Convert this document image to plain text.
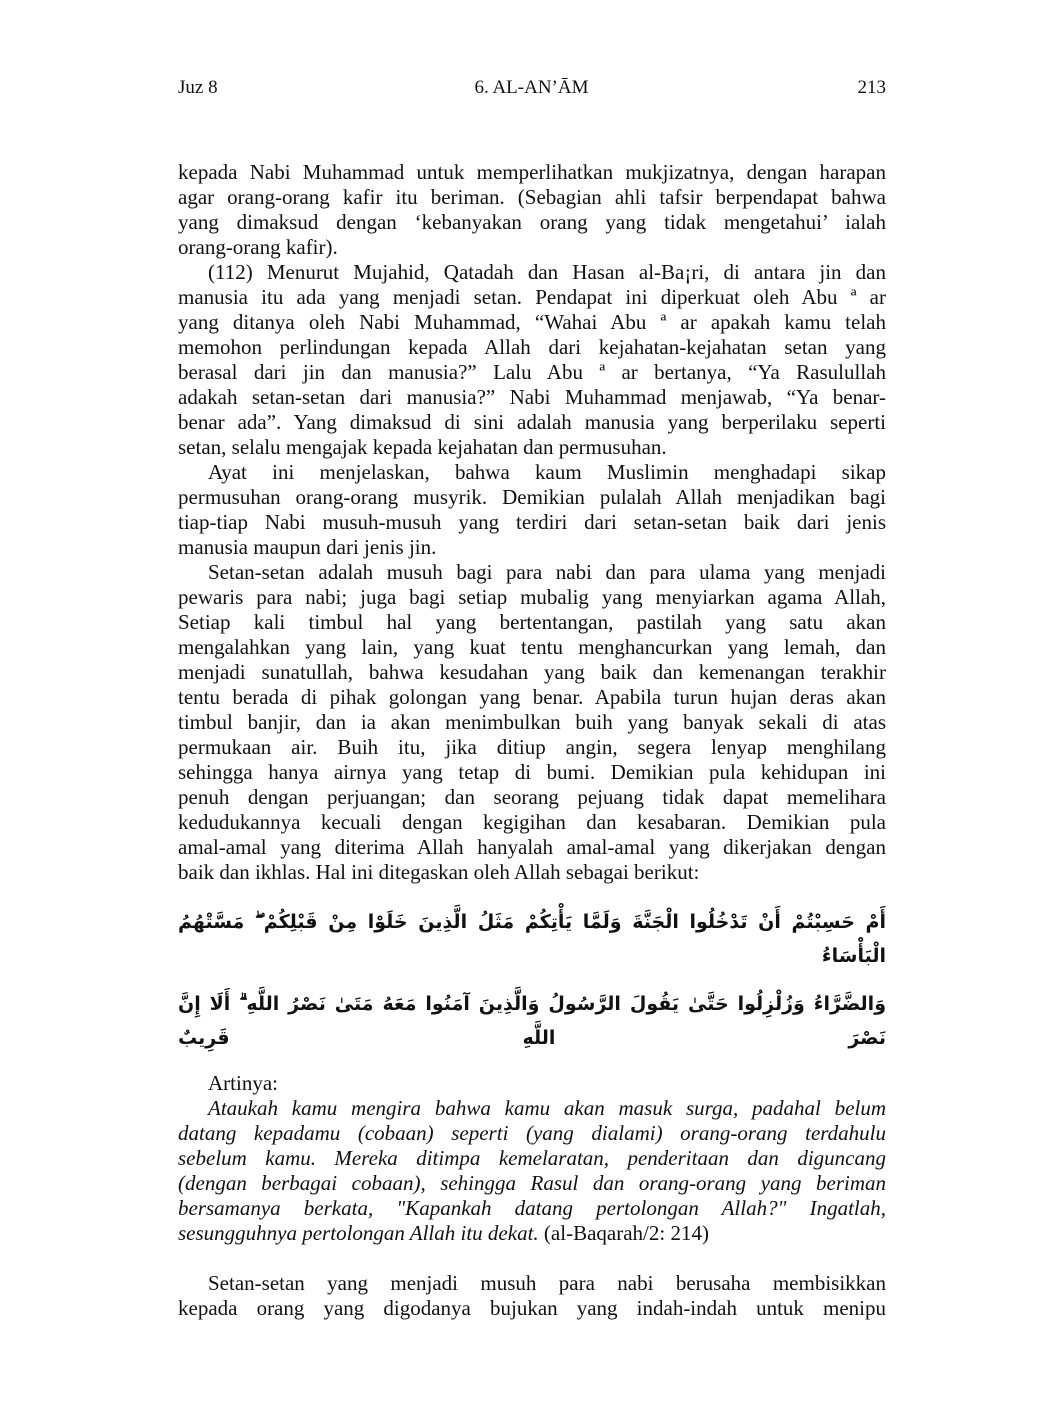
Juz 8	6. AL-AN’ĀM	213
kepada Nabi Muhammad untuk memperlihatkan mukjizatnya, dengan harapan
agar orang-orang kafir itu beriman. (Sebagian ahli tafsir berpendapat bahwa
yang dimaksud dengan ‘kebanyakan orang yang tidak mengetahui’ ialah
orang-orang kafir).
(112) Menurut Mujahid, Qatadah dan Hasan al-Ba¡ri, di antara jin dan
manusia itu ada yang menjadi setan. Pendapat ini diperkuat oleh Abu ª ar
yang ditanya oleh Nabi Muhammad, “Wahai Abu ª ar apakah kamu telah
memohon perlindungan kepada Allah dari kejahatan-kejahatan setan yang
berasal dari jin dan manusia?” Lalu Abu ª ar bertanya, “Ya Rasulullah
adakah setan-setan dari manusia?” Nabi Muhammad menjawab, “Ya benar-
benar ada”. Yang dimaksud di sini adalah manusia yang berperilaku seperti
setan, selalu mengajak kepada kejahatan dan permusuhan.
Ayat ini menjelaskan, bahwa kaum Muslimin menghadapi sikap
permusuhan orang-orang musyrik. Demikian pulalah Allah menjadikan bagi
tiap-tiap Nabi musuh-musuh yang terdiri dari setan-setan baik dari jenis
manusia maupun dari jenis jin.
Setan-setan adalah musuh bagi para nabi dan para ulama yang menjadi
pewaris para nabi; juga bagi setiap mubalig yang menyiarkan agama Allah,
Setiap kali timbul hal yang bertentangan, pastilah yang satu akan
mengalahkan yang lain, yang kuat tentu menghancurkan yang lemah, dan
menjadi sunatullah, bahwa kesudahan yang baik dan kemenangan terakhir
tentu berada di pihak golongan yang benar. Apabila turun hujan deras akan
timbul banjir, dan ia akan menimbulkan buih yang banyak sekali di atas
permukaan air. Buih itu, jika ditiup angin, segera lenyap menghilang
sehingga hanya airnya yang tetap di bumi. Demikian pula kehidupan ini
penuh dengan perjuangan; dan seorang pejuang tidak dapat memelihara
kedudukannya kecuali dengan kegigihan dan kesabaran. Demikian pula
amal-amal yang diterima Allah hanyalah amal-amal yang dikerjakan dengan
baik dan ikhlas. Hal ini ditegaskan oleh Allah sebagai berikut:
أَمْ حَسِبْتُمْ أَنْ تَدْخُلُوا الْجَنَّةَ وَلَمَّا يَأْتِكُمْ مَثَلُ الَّذِينَ خَلَوْا مِنْ قَبْلِكُمْ ۖ مَسَّتْهُمُ الْبَأْسَاءُ
وَالضَّرَّاءُ وَزُلْزِلُوا حَتَّىٰ يَقُولَ الرَّسُولُ وَالَّذِينَ آمَنُوا مَعَهُ مَتَىٰ نَصْرُ اللَّهِ ۗ أَلَا إِنَّ نَصْرَ اللَّهِ قَرِيبٌ
Artinya:
Ataukah kamu mengira bahwa kamu akan masuk surga, padahal belum
datang kepadamu (cobaan) seperti (yang dialami) orang-orang terdahulu
sebelum kamu. Mereka ditimpa kemelaratan, penderitaan dan diguncang
(dengan berbagai cobaan), sehingga Rasul dan orang-orang yang beriman
bersamanya berkata, "Kapankah datang pertolongan Allah?" Ingatlah,
sesungguhnya pertolongan Allah itu dekat. (al-Baqarah/2: 214)
Setan-setan yang menjadi musuh para nabi berusaha membisikkan
kepada orang yang digodanya bujukan yang indah-indah untuk menipu
